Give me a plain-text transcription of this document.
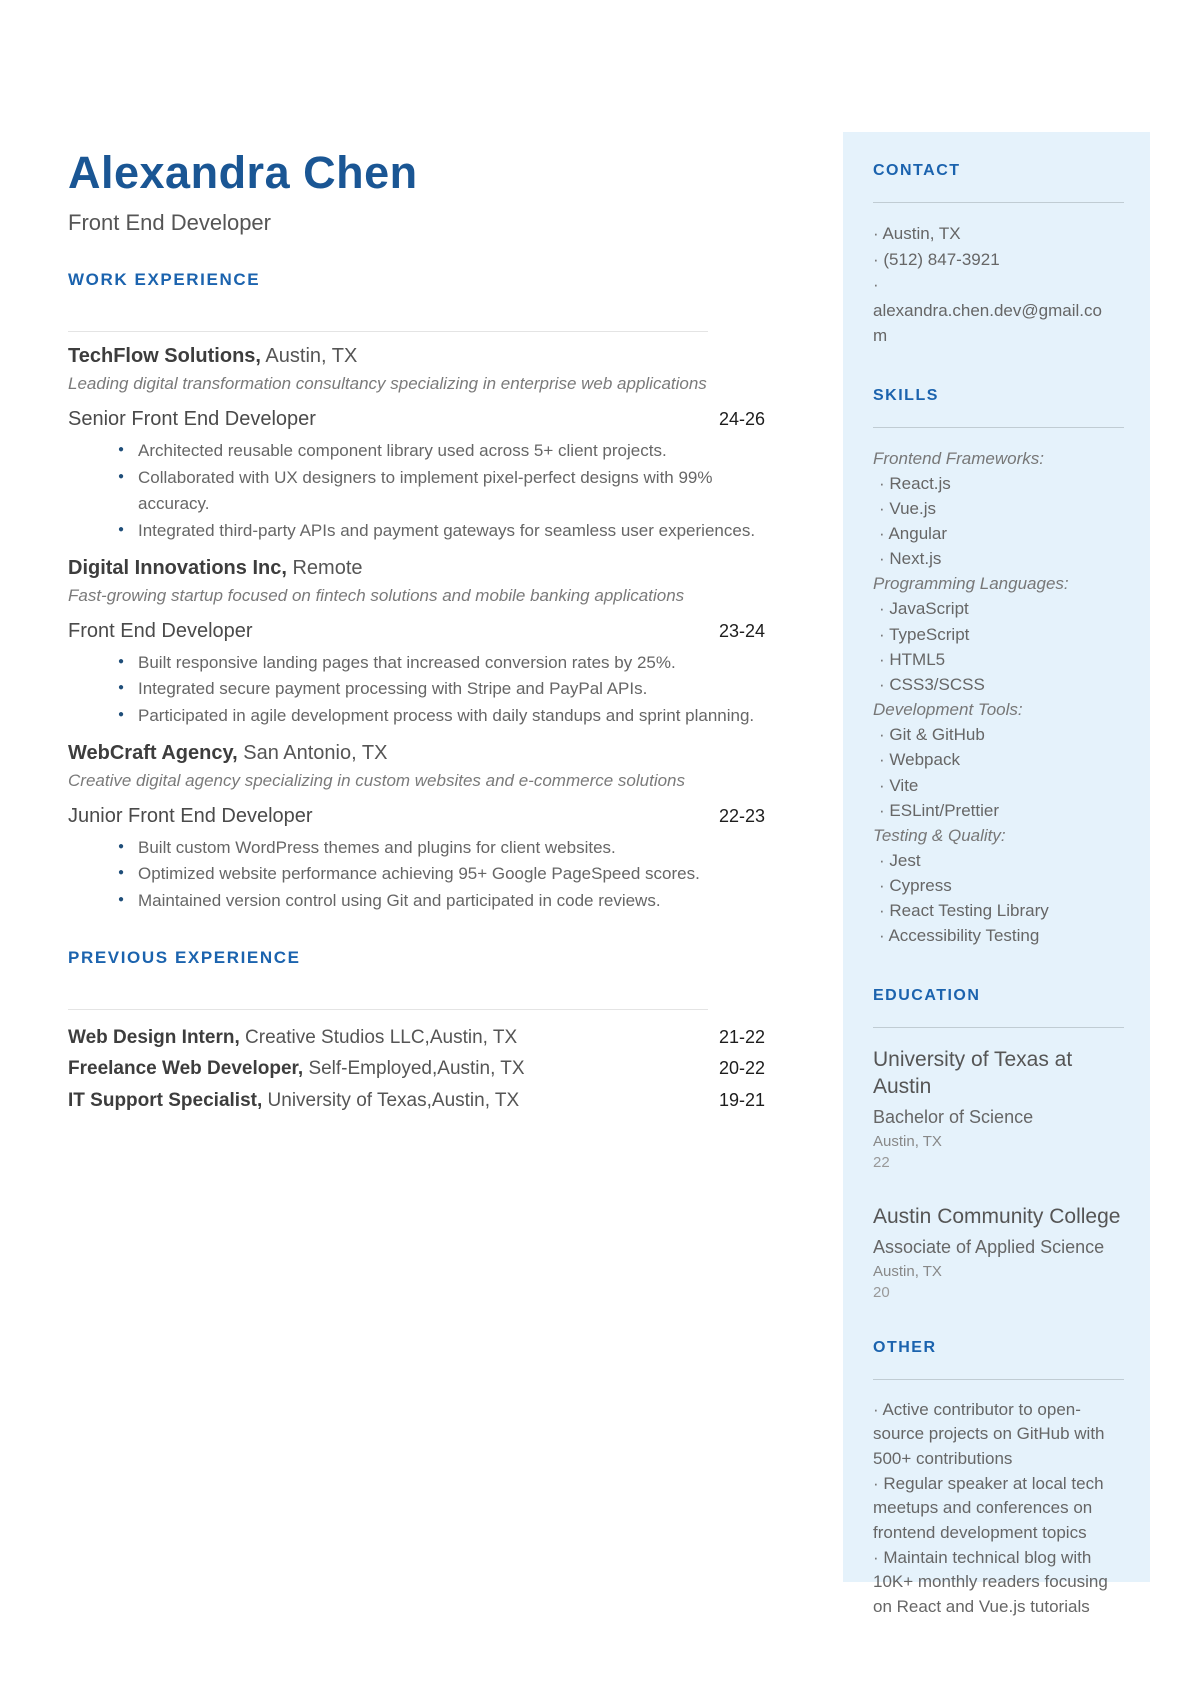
Alexandra Chen
Front End Developer
WORK EXPERIENCE
TechFlow Solutions, Austin, TX
Leading digital transformation consultancy specializing in enterprise web applications
Senior Front End Developer	24-26
● Architected reusable component library used across 5+ client projects.
● Collaborated with UX designers to implement pixel-perfect designs with 99% accuracy.
● Integrated third-party APIs and payment gateways for seamless user experiences.
Digital Innovations Inc, Remote
Fast-growing startup focused on fintech solutions and mobile banking applications
Front End Developer	23-24
● Built responsive landing pages that increased conversion rates by 25%.
● Integrated secure payment processing with Stripe and PayPal APIs.
● Participated in agile development process with daily standups and sprint planning.
WebCraft Agency, San Antonio, TX
Creative digital agency specializing in custom websites and e-commerce solutions
Junior Front End Developer	22-23
● Built custom WordPress themes and plugins for client websites.
● Optimized website performance achieving 95+ Google PageSpeed scores.
● Maintained version control using Git and participated in code reviews.
PREVIOUS EXPERIENCE
Web Design Intern, Creative Studios LLC,Austin, TX	21-22
Freelance Web Developer, Self-Employed,Austin, TX	20-22
IT Support Specialist, University of Texas,Austin, TX	19-21
CONTACT
· Austin, TX
· (512) 847-3921
· alexandra.chen.dev@gmail.com
SKILLS
Frontend Frameworks:
· React.js
· Vue.js
· Angular
· Next.js
Programming Languages:
· JavaScript
· TypeScript
· HTML5
· CSS3/SCSS
Development Tools:
· Git & GitHub
· Webpack
· Vite
· ESLint/Prettier
Testing & Quality:
· Jest
· Cypress
· React Testing Library
· Accessibility Testing
EDUCATION
University of Texas at Austin
Bachelor of Science
Austin, TX
22
Austin Community College
Associate of Applied Science
Austin, TX
20
OTHER
· Active contributor to open-source projects on GitHub with 500+ contributions
· Regular speaker at local tech meetups and conferences on frontend development topics
· Maintain technical blog with 10K+ monthly readers focusing on React and Vue.js tutorials
